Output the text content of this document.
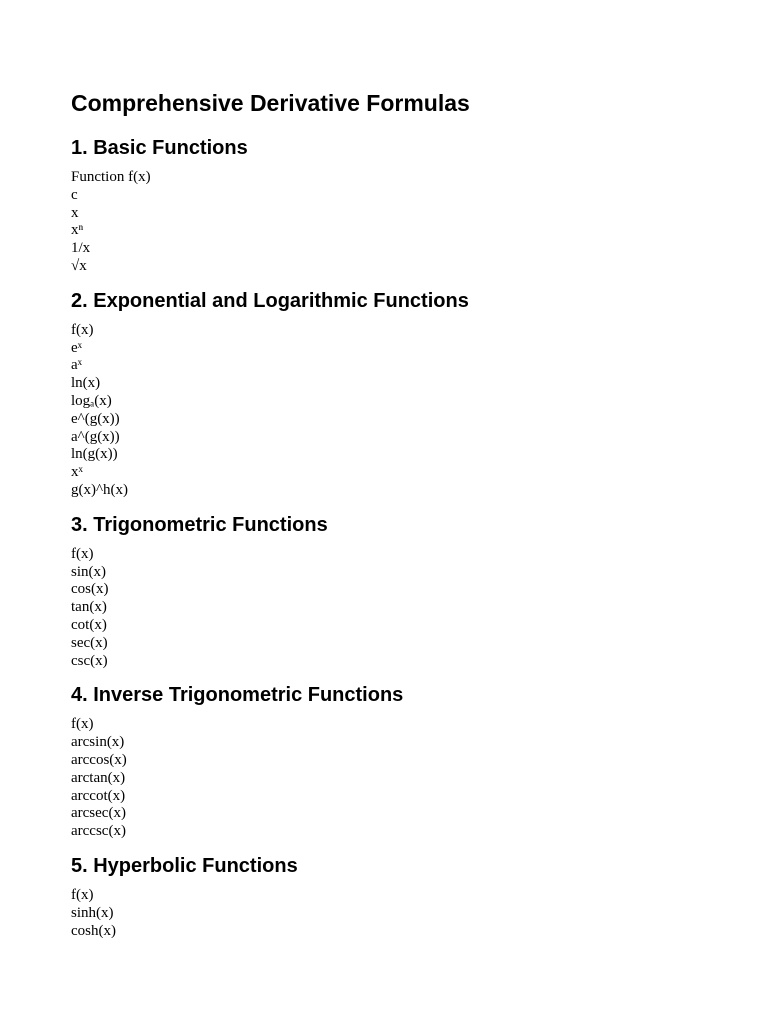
Comprehensive Derivative Formulas
1. Basic Functions
Function f(x)
c
x
xⁿ
1/x
√x
2. Exponential and Logarithmic Functions
f(x)
eˣ
aˣ
ln(x)
logₐ(x)
e^(g(x))
a^(g(x))
ln(g(x))
xˣ
g(x)^h(x)
3. Trigonometric Functions
f(x)
sin(x)
cos(x)
tan(x)
cot(x)
sec(x)
csc(x)
4. Inverse Trigonometric Functions
f(x)
arcsin(x)
arccos(x)
arctan(x)
arccot(x)
arcsec(x)
arccsc(x)
5. Hyperbolic Functions
f(x)
sinh(x)
cosh(x)
